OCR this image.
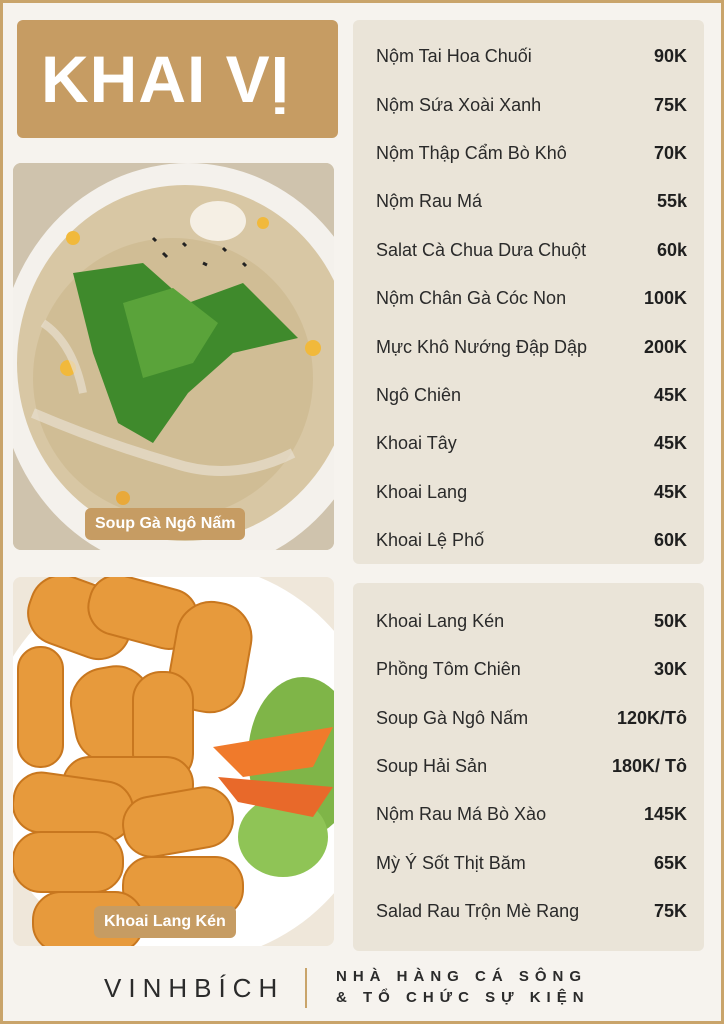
KHAI VỊ
Soup Gà Ngô Nấm
Khoai Lang Kén
Nộm Tai Hoa Chuối	90K
Nộm Sứa Xoài Xanh	75K
Nộm Thập Cẩm Bò Khô	70K
Nộm Rau Má	55k
Salat Cà Chua Dưa Chuột	60k
Nộm Chân Gà Cóc Non	100K
Mực Khô Nướng Đập Dập	200K
Ngô Chiên	45K
Khoai Tây	45K
Khoai Lang	45K
Khoai Lệ Phố	60K
Khoai Lang Kén	50K
Phồng Tôm Chiên	30K
Soup Gà Ngô Nấm	120K/Tô
Soup Hải Sản	180K/ Tô
Nộm Rau Má Bò Xào	145K
Mỳ Ý Sốt Thịt Băm	65K
Salad Rau Trộn Mè Rang	75K
VINHBÍCH	NHÀ HÀNG CÁ SÔNG
& TỔ CHỨC SỰ KIỆN
